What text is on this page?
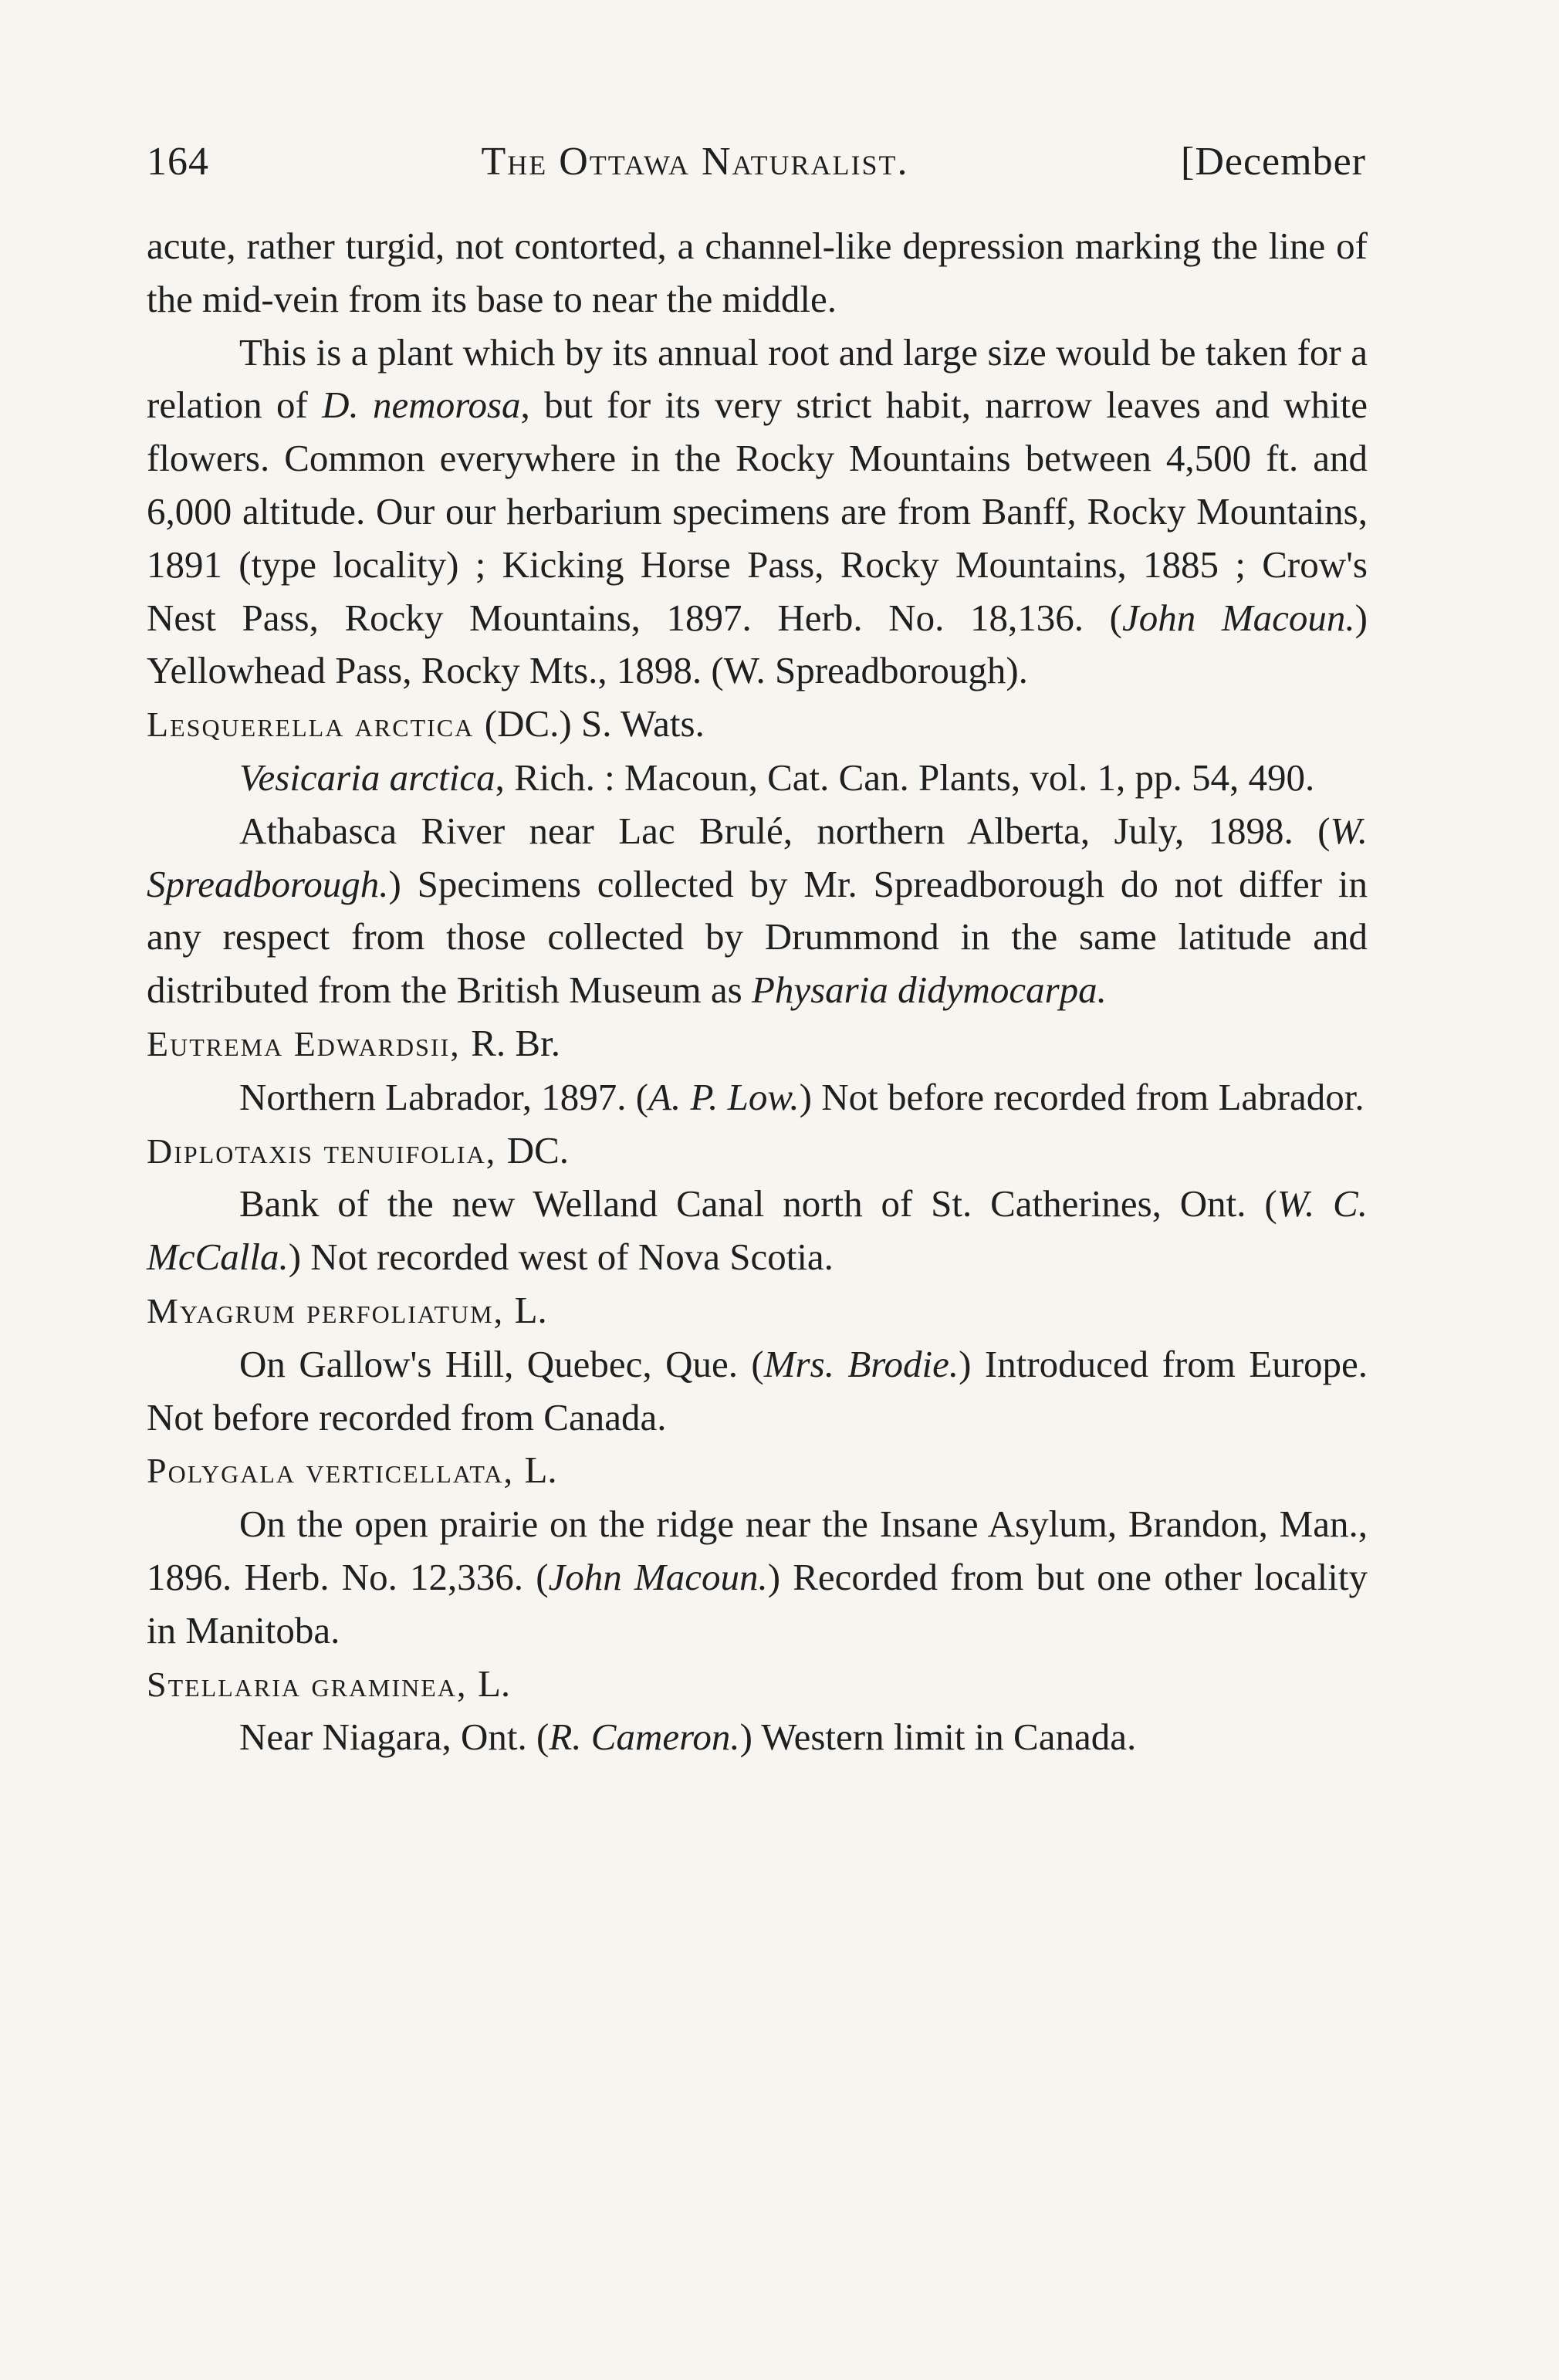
164	The Ottawa Naturalist.	[December

acute, rather turgid, not contorted, a channel-like depression marking the line of the mid-vein from its base to near the middle.

This is a plant which by its annual root and large size would be taken for a relation of D. nemorosa, but for its very strict habit, narrow leaves and white flowers. Common everywhere in the Rocky Mountains between 4,500 ft. and 6,000 altitude. Our our herbarium specimens are from Banff, Rocky Mountains, 1891 (type locality) ; Kicking Horse Pass, Rocky Mountains, 1885 ; Crow's Nest Pass, Rocky Mountains, 1897. Herb. No. 18,136. (John Macoun.) Yellowhead Pass, Rocky Mts., 1898. (W. Spreadborough).

Lesquerella arctica (DC.) S. Wats.

Vesicaria arctica, Rich. : Macoun, Cat. Can. Plants, vol. 1, pp. 54, 490.

Athabasca River near Lac Brulé, northern Alberta, July, 1898. (W. Spreadborough.) Specimens collected by Mr. Spreadborough do not differ in any respect from those collected by Drummond in the same latitude and distributed from the British Museum as Physaria didymocarpa.

Eutrema Edwardsii, R. Br.

Northern Labrador, 1897. (A. P. Low.) Not before recorded from Labrador.

Diplotaxis tenuifolia, DC.

Bank of the new Welland Canal north of St. Catherines, Ont. (W. C. McCalla.) Not recorded west of Nova Scotia.

Myagrum perfoliatum, L.

On Gallow's Hill, Quebec, Que. (Mrs. Brodie.) Introduced from Europe. Not before recorded from Canada.

Polygala verticellata, L.

On the open prairie on the ridge near the Insane Asylum, Brandon, Man., 1896. Herb. No. 12,336. (John Macoun.) Recorded from but one other locality in Manitoba.

Stellaria graminea, L.

Near Niagara, Ont. (R. Cameron.) Western limit in Canada.
